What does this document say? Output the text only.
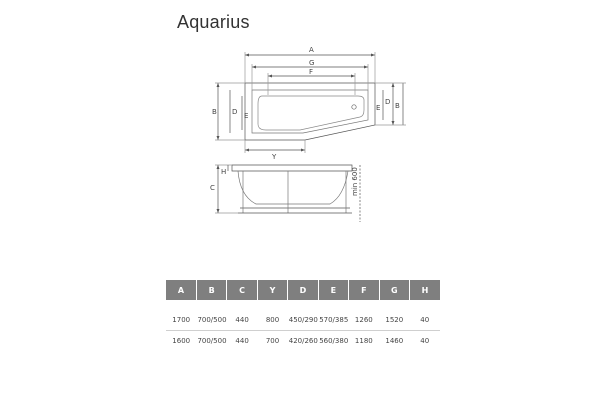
Aquarius
A
G
F
Y
B D E
E
D B
C
H	min 600
A	B	C	Y	D	E	F	G	H

1700	700/500	440	800	450/290	570/385	1260	1520	40
1600	700/500	440	700	420/260	560/380	1180	1460	40
